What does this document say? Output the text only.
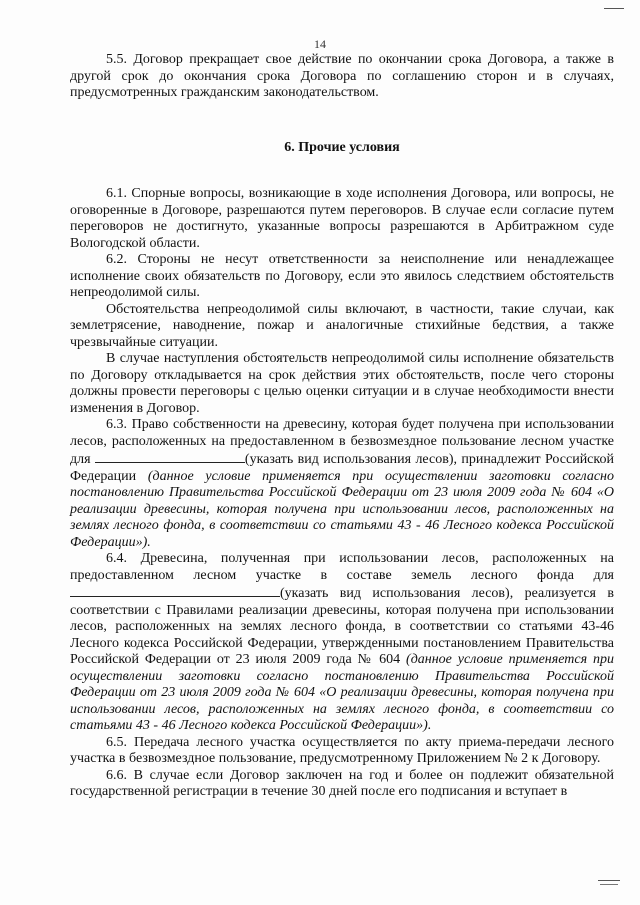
14

5.5. Договор прекращает свое действие по окончании срока Договора, а также в другой срок до окончания срока Договора по соглашению сторон и в случаях, предусмотренных гражданским законодательством.

6. Прочие условия

6.1. Спорные вопросы, возникающие в ходе исполнения Договора, или вопросы, не оговоренные в Договоре, разрешаются путем переговоров. В случае если согласие путем переговоров не достигнуто, указанные вопросы разрешаются в Арбитражном суде Вологодской области.

6.2. Стороны не несут ответственности за неисполнение или ненадлежащее исполнение своих обязательств по Договору, если это явилось следствием обстоятельств непреодолимой силы.

Обстоятельства непреодолимой силы включают, в частности, такие случаи, как землетрясение, наводнение, пожар и аналогичные стихийные бедствия, а также чрезвычайные ситуации.

В случае наступления обстоятельств непреодолимой силы исполнение обязательств по Договору откладывается на срок действия этих обстоятельств, после чего стороны должны провести переговоры с целью оценки ситуации и в случае необходимости внести изменения в Договор.

6.3. Право собственности на древесину, которая будет получена при использовании лесов, расположенных на предоставленном в безвозмездное пользование лесном участке для	(указать вид использования лесов), принадлежит Российской Федерации (данное условие применяется при осуществлении заготовки согласно постановлению Правительства Российской Федерации от 23 июля 2009 года № 604 «О реализации древесины, которая получена при использовании лесов, расположенных на землях лесного фонда, в соответствии со статьями 43 - 46 Лесного кодекса Российской Федерации»).

6.4. Древесина, полученная при использовании лесов, расположенных на предоставленном лесном участке в составе земель лесного фонда для (указать вид использования лесов), реализуется в соответствии с Правилами реализации древесины, которая получена при использовании лесов, расположенных на землях лесного фонда, в соответствии со статьями 43-46 Лесного кодекса Российской Федерации, утвержденными постановлением Правительства Российской Федерации от 23 июля 2009 года № 604 (данное условие применяется при осуществлении заготовки согласно постановлению Правительства Российской Федерации от 23 июля 2009 года № 604 «О реализации древесины, которая получена при использовании лесов, расположенных на землях лесного фонда, в соответствии со статьями 43 - 46 Лесного кодекса Российской Федерации»).

6.5. Передача лесного участка осуществляется по акту приема-передачи лесного участка в безвозмездное пользование, предусмотренному Приложением № 2 к Договору.

6.6. В случае если Договор заключен на год и более он подлежит обязательной государственной регистрации в течение 30 дней после его подписания и вступает в
